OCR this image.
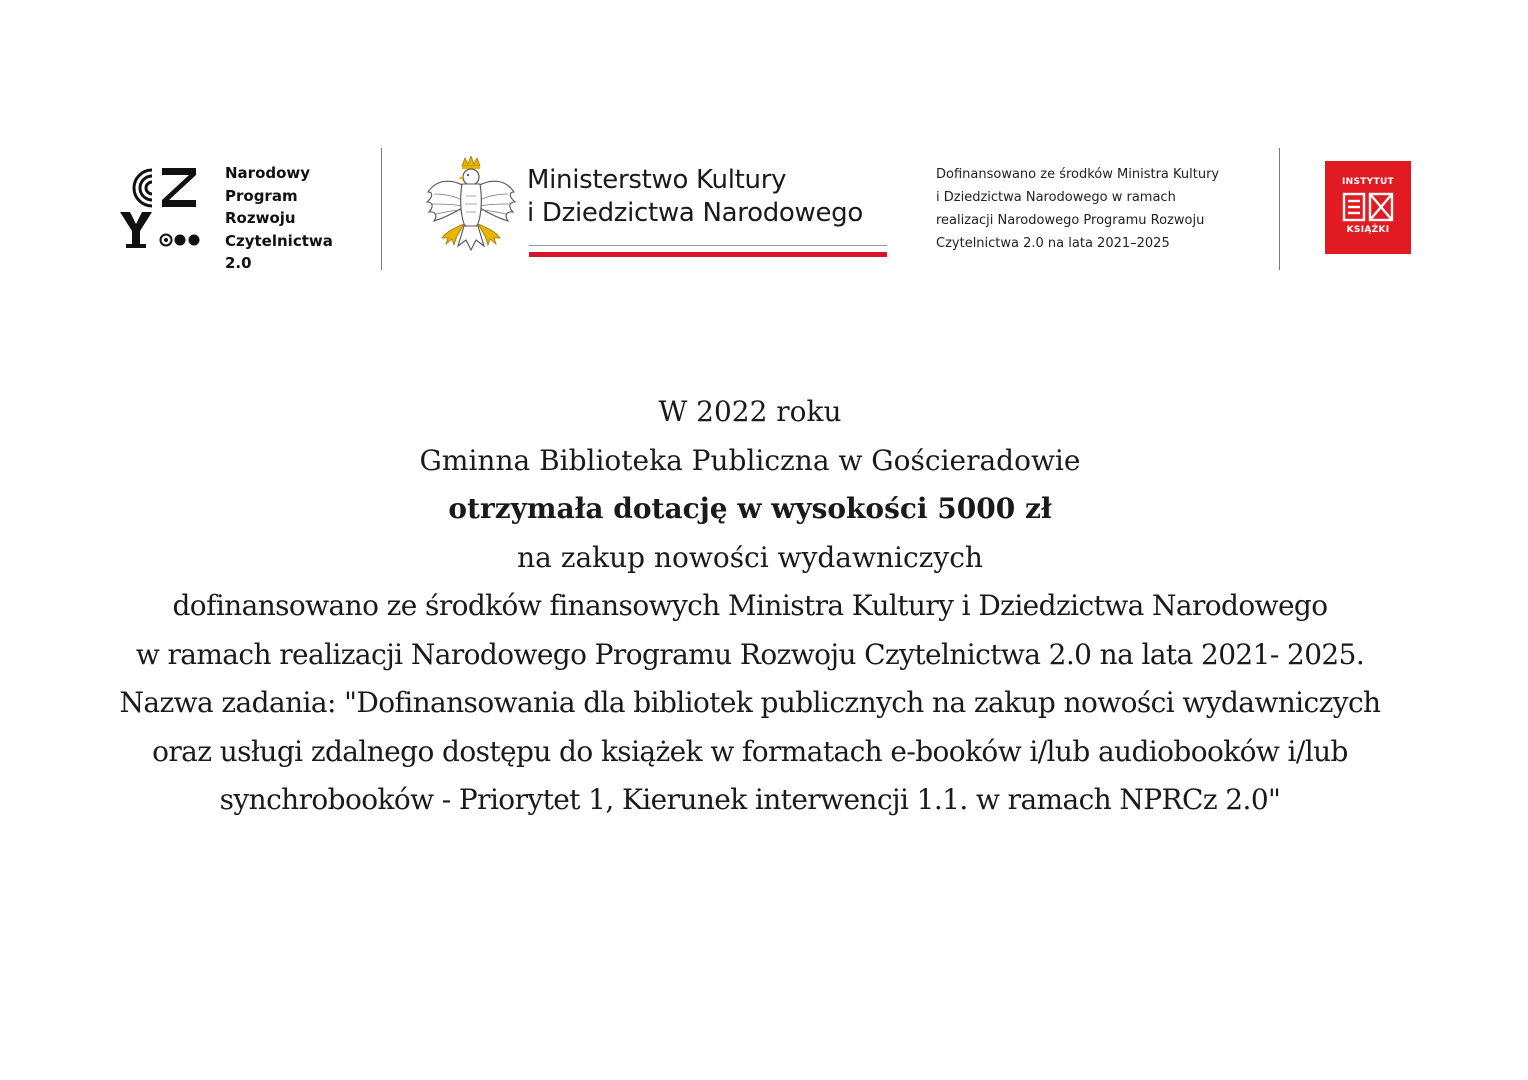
Narodowy
Program
Rozwoju
Czytelnictwa
2.0
Ministerstwo Kultury
i Dziedzictwa Narodowego
Dofinansowano ze środków Ministra Kultury
i Dziedzictwa Narodowego w ramach
realizacji Narodowego Programu Rozwoju
Czytelnictwa 2.0 na lata 2021–2025
INSTYTUT
KSIĄŻKI

W 2022 roku

Gminna Biblioteka Publiczna w Gościeradowie

otrzymała dotację w wysokości 5000 zł

na zakup nowości wydawniczych

dofinansowano ze środków finansowych Ministra Kultury i Dziedzictwa Narodowego

w ramach realizacji Narodowego Programu Rozwoju Czytelnictwa 2.0 na lata 2021- 2025.

Nazwa zadania: "Dofinansowania dla bibliotek publicznych na zakup nowości wydawniczych

oraz usługi zdalnego dostępu do książek w formatach e-booków i/lub audiobooków i/lub

synchrobooków - Priorytet 1, Kierunek interwencji 1.1. w ramach NPRCz 2.0"
